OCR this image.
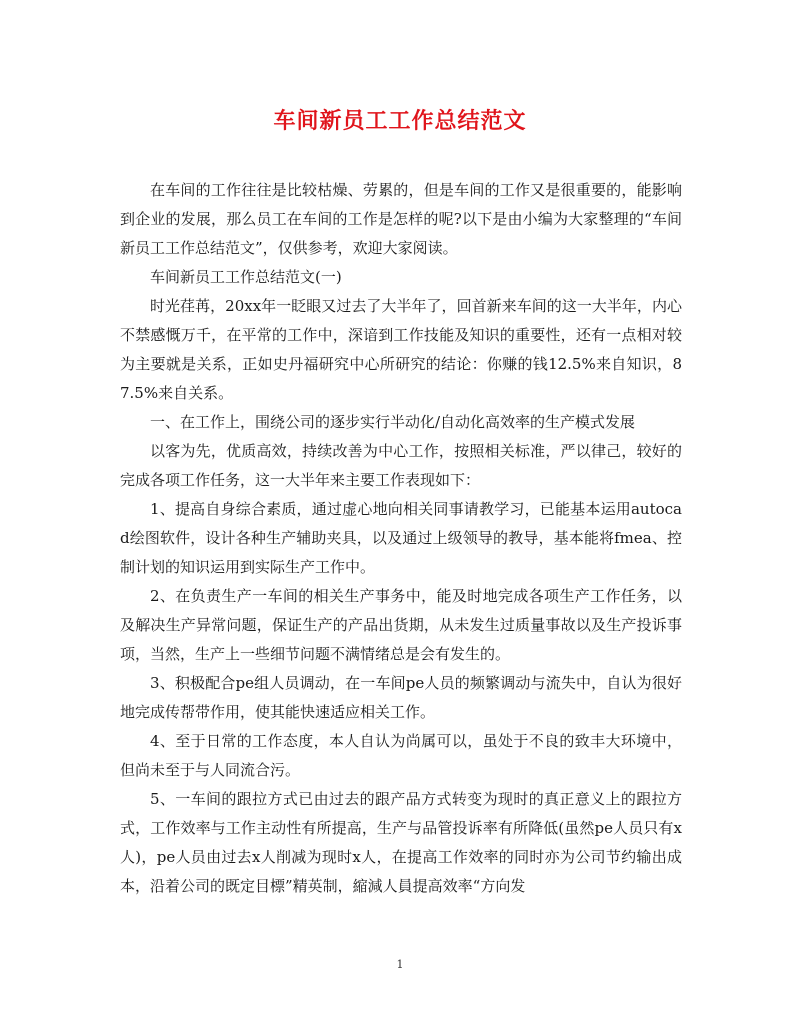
车间新员工工作总结范文

在车间的工作往往是比较枯燥、劳累的，但是车间的工作又是很重要的，能影响到企业的发展，那么员工在车间的工作是怎样的呢?以下是由小编为大家整理的“车间新员工工作总结范文”，仅供参考，欢迎大家阅读。

车间新员工工作总结范文(一)

时光荏苒，20xx年一眨眼又过去了大半年了，回首新来车间的这一大半年，内心不禁感慨万千，在平常的工作中，深谙到工作技能及知识的重要性，还有一点相对较为主要就是关系，正如史丹福研究中心所研究的结论：你赚的钱12.5%来自知识，87.5%来自关系。

一、在工作上，围绕公司的逐步实行半动化/自动化高效率的生产模式发展

以客为先，优质高效，持续改善为中心工作，按照相关标准，严以律己，较好的完成各项工作任务，这一大半年来主要工作表现如下：

1、提高自身综合素质，通过虚心地向相关同事请教学习，已能基本运用autocad绘图软件，设计各种生产辅助夹具，以及通过上级领导的教导，基本能将fmea、控制计划的知识运用到实际生产工作中。

2、在负责生产一车间的相关生产事务中，能及时地完成各项生产工作任务，以及解决生产异常问题，保证生产的产品出货期，从未发生过质量事故以及生产投诉事项，当然，生产上一些细节问题不满情绪总是会有发生的。

3、积极配合pe组人员调动，在一车间pe人员的频繁调动与流失中，自认为很好地完成传帮带作用，使其能快速适应相关工作。

4、至于日常的工作态度，本人自认为尚属可以，虽处于不良的致丰大环境中，但尚未至于与人同流合污。

5、一车间的跟拉方式已由过去的跟产品方式转变为现时的真正意义上的跟拉方式，工作效率与工作主动性有所提高，生产与品管投诉率有所降低(虽然pe人员只有x人)，pe人员由过去x人削减为现时x人，在提高工作效率的同时亦为公司节约输出成本，沿着公司的既定目標”精英制，縮減人員提高效率“方向发

1
